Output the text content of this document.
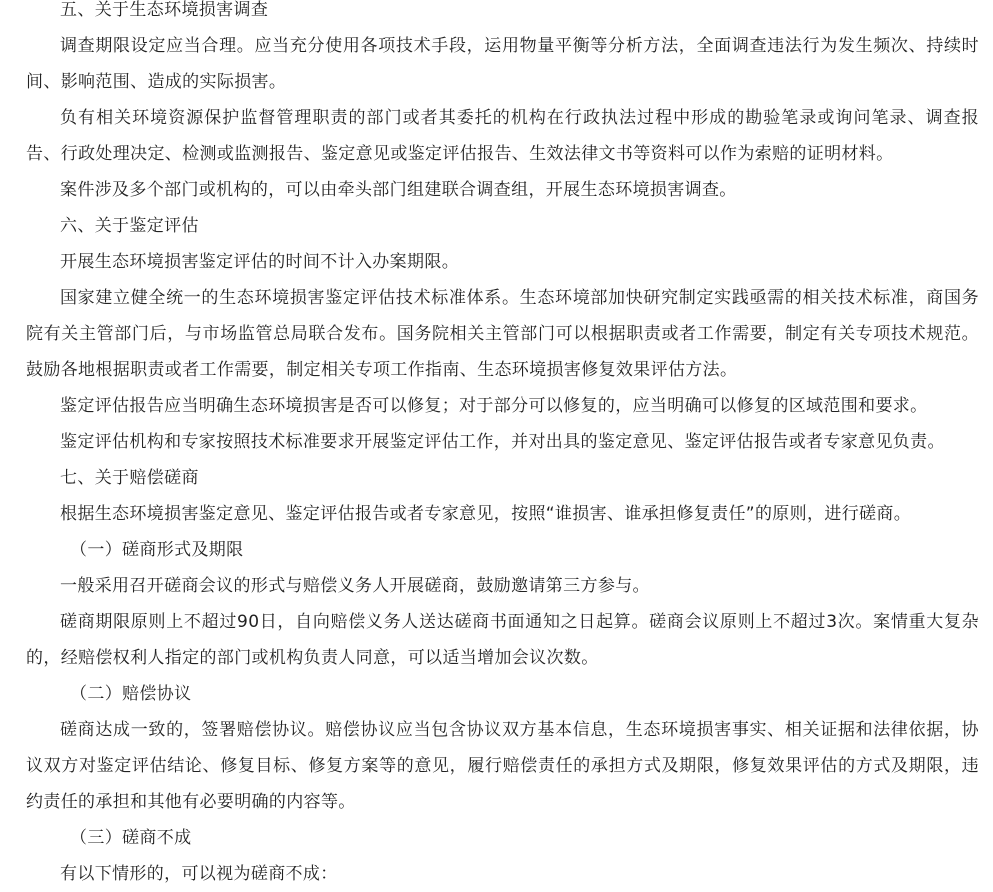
五、关于生态环境损害调查

调查期限设定应当合理。应当充分使用各项技术手段，运用物量平衡等分析方法，全面调查违法行为发生频次、持续时间、影响范围、造成的实际损害。

负有相关环境资源保护监督管理职责的部门或者其委托的机构在行政执法过程中形成的勘验笔录或询问笔录、调查报告、行政处理决定、检测或监测报告、鉴定意见或鉴定评估报告、生效法律文书等资料可以作为索赔的证明材料。

案件涉及多个部门或机构的，可以由牵头部门组建联合调查组，开展生态环境损害调查。

六、关于鉴定评估

开展生态环境损害鉴定评估的时间不计入办案期限。

国家建立健全统一的生态环境损害鉴定评估技术标准体系。生态环境部加快研究制定实践亟需的相关技术标准，商国务院有关主管部门后，与市场监管总局联合发布。国务院相关主管部门可以根据职责或者工作需要，制定有关专项技术规范。鼓励各地根据职责或者工作需要，制定相关专项工作指南、生态环境损害修复效果评估方法。

鉴定评估报告应当明确生态环境损害是否可以修复；对于部分可以修复的，应当明确可以修复的区域范围和要求。

鉴定评估机构和专家按照技术标准要求开展鉴定评估工作，并对出具的鉴定意见、鉴定评估报告或者专家意见负责。

七、关于赔偿磋商

根据生态环境损害鉴定意见、鉴定评估报告或者专家意见，按照“谁损害、谁承担修复责任”的原则，进行磋商。

（一）磋商形式及期限

一般采用召开磋商会议的形式与赔偿义务人开展磋商，鼓励邀请第三方参与。

磋商期限原则上不超过90日，自向赔偿义务人送达磋商书面通知之日起算。磋商会议原则上不超过3次。案情重大复杂的，经赔偿权利人指定的部门或机构负责人同意，可以适当增加会议次数。

（二）赔偿协议

磋商达成一致的，签署赔偿协议。赔偿协议应当包含协议双方基本信息，生态环境损害事实、相关证据和法律依据，协议双方对鉴定评估结论、修复目标、修复方案等的意见，履行赔偿责任的承担方式及期限，修复效果评估的方式及期限，违约责任的承担和其他有必要明确的内容等。

（三）磋商不成

有以下情形的，可以视为磋商不成：
